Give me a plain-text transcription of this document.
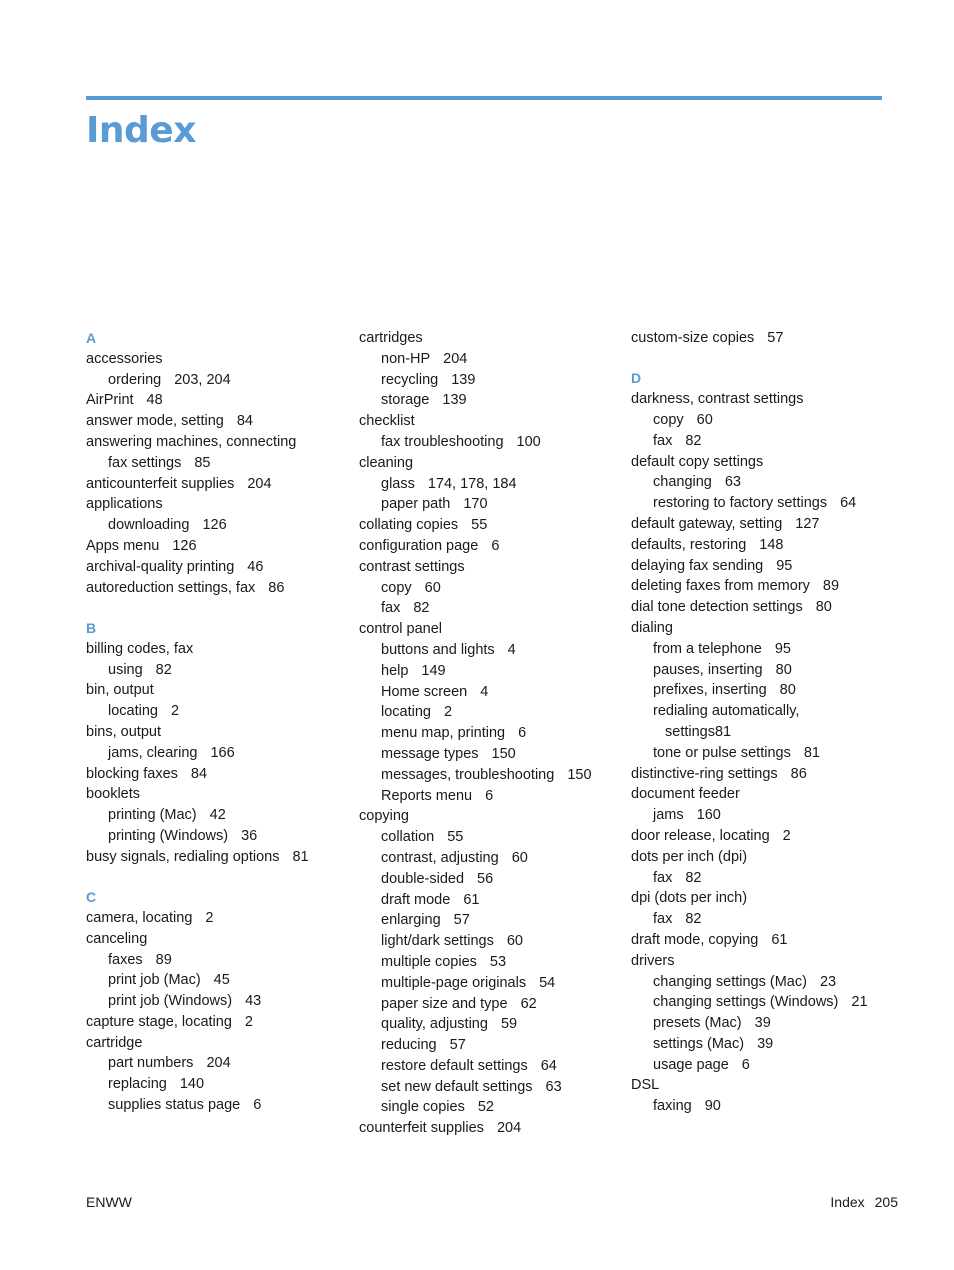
Index
A
accessories
ordering 203, 204
AirPrint 48
answer mode, setting 84
answering machines, connecting
fax settings 85
anticounterfeit supplies 204
applications
downloading 126
Apps menu 126
archival-quality printing 46
autoreduction settings, fax 86
B
billing codes, fax
using 82
bin, output
locating 2
bins, output
jams, clearing 166
blocking faxes 84
booklets
printing (Mac) 42
printing (Windows) 36
busy signals, redialing options 81
C
camera, locating 2
canceling
faxes 89
print job (Mac) 45
print job (Windows) 43
capture stage, locating 2
cartridge
part numbers 204
replacing 140
supplies status page 6
cartridges
non-HP 204
recycling 139
storage 139
checklist
fax troubleshooting 100
cleaning
glass 174, 178, 184
paper path 170
collating copies 55
configuration page 6
contrast settings
copy 60
fax 82
control panel
buttons and lights 4
help 149
Home screen 4
locating 2
menu map, printing 6
message types 150
messages, troubleshooting 150
Reports menu 6
copying
collation 55
contrast, adjusting 60
double-sided 56
draft mode 61
enlarging 57
light/dark settings 60
multiple copies 53
multiple-page originals 54
paper size and type 62
quality, adjusting 59
reducing 57
restore default settings 64
set new default settings 63
single copies 52
counterfeit supplies 204
custom-size copies 57
D
darkness, contrast settings
copy 60
fax 82
default copy settings
changing 63
restoring to factory settings 64
default gateway, setting 127
defaults, restoring 148
delaying fax sending 95
deleting faxes from memory 89
dial tone detection settings 80
dialing
from a telephone 95
pauses, inserting 80
prefixes, inserting 80
redialing automatically,
settings81
tone or pulse settings 81
distinctive-ring settings 86
document feeder
jams 160
door release, locating 2
dots per inch (dpi)
fax 82
dpi (dots per inch)
fax 82
draft mode, copying 61
drivers
changing settings (Mac) 23
changing settings (Windows) 21
presets (Mac) 39
settings (Mac) 39
usage page 6
DSL
faxing 90
ENWW	Index 205
